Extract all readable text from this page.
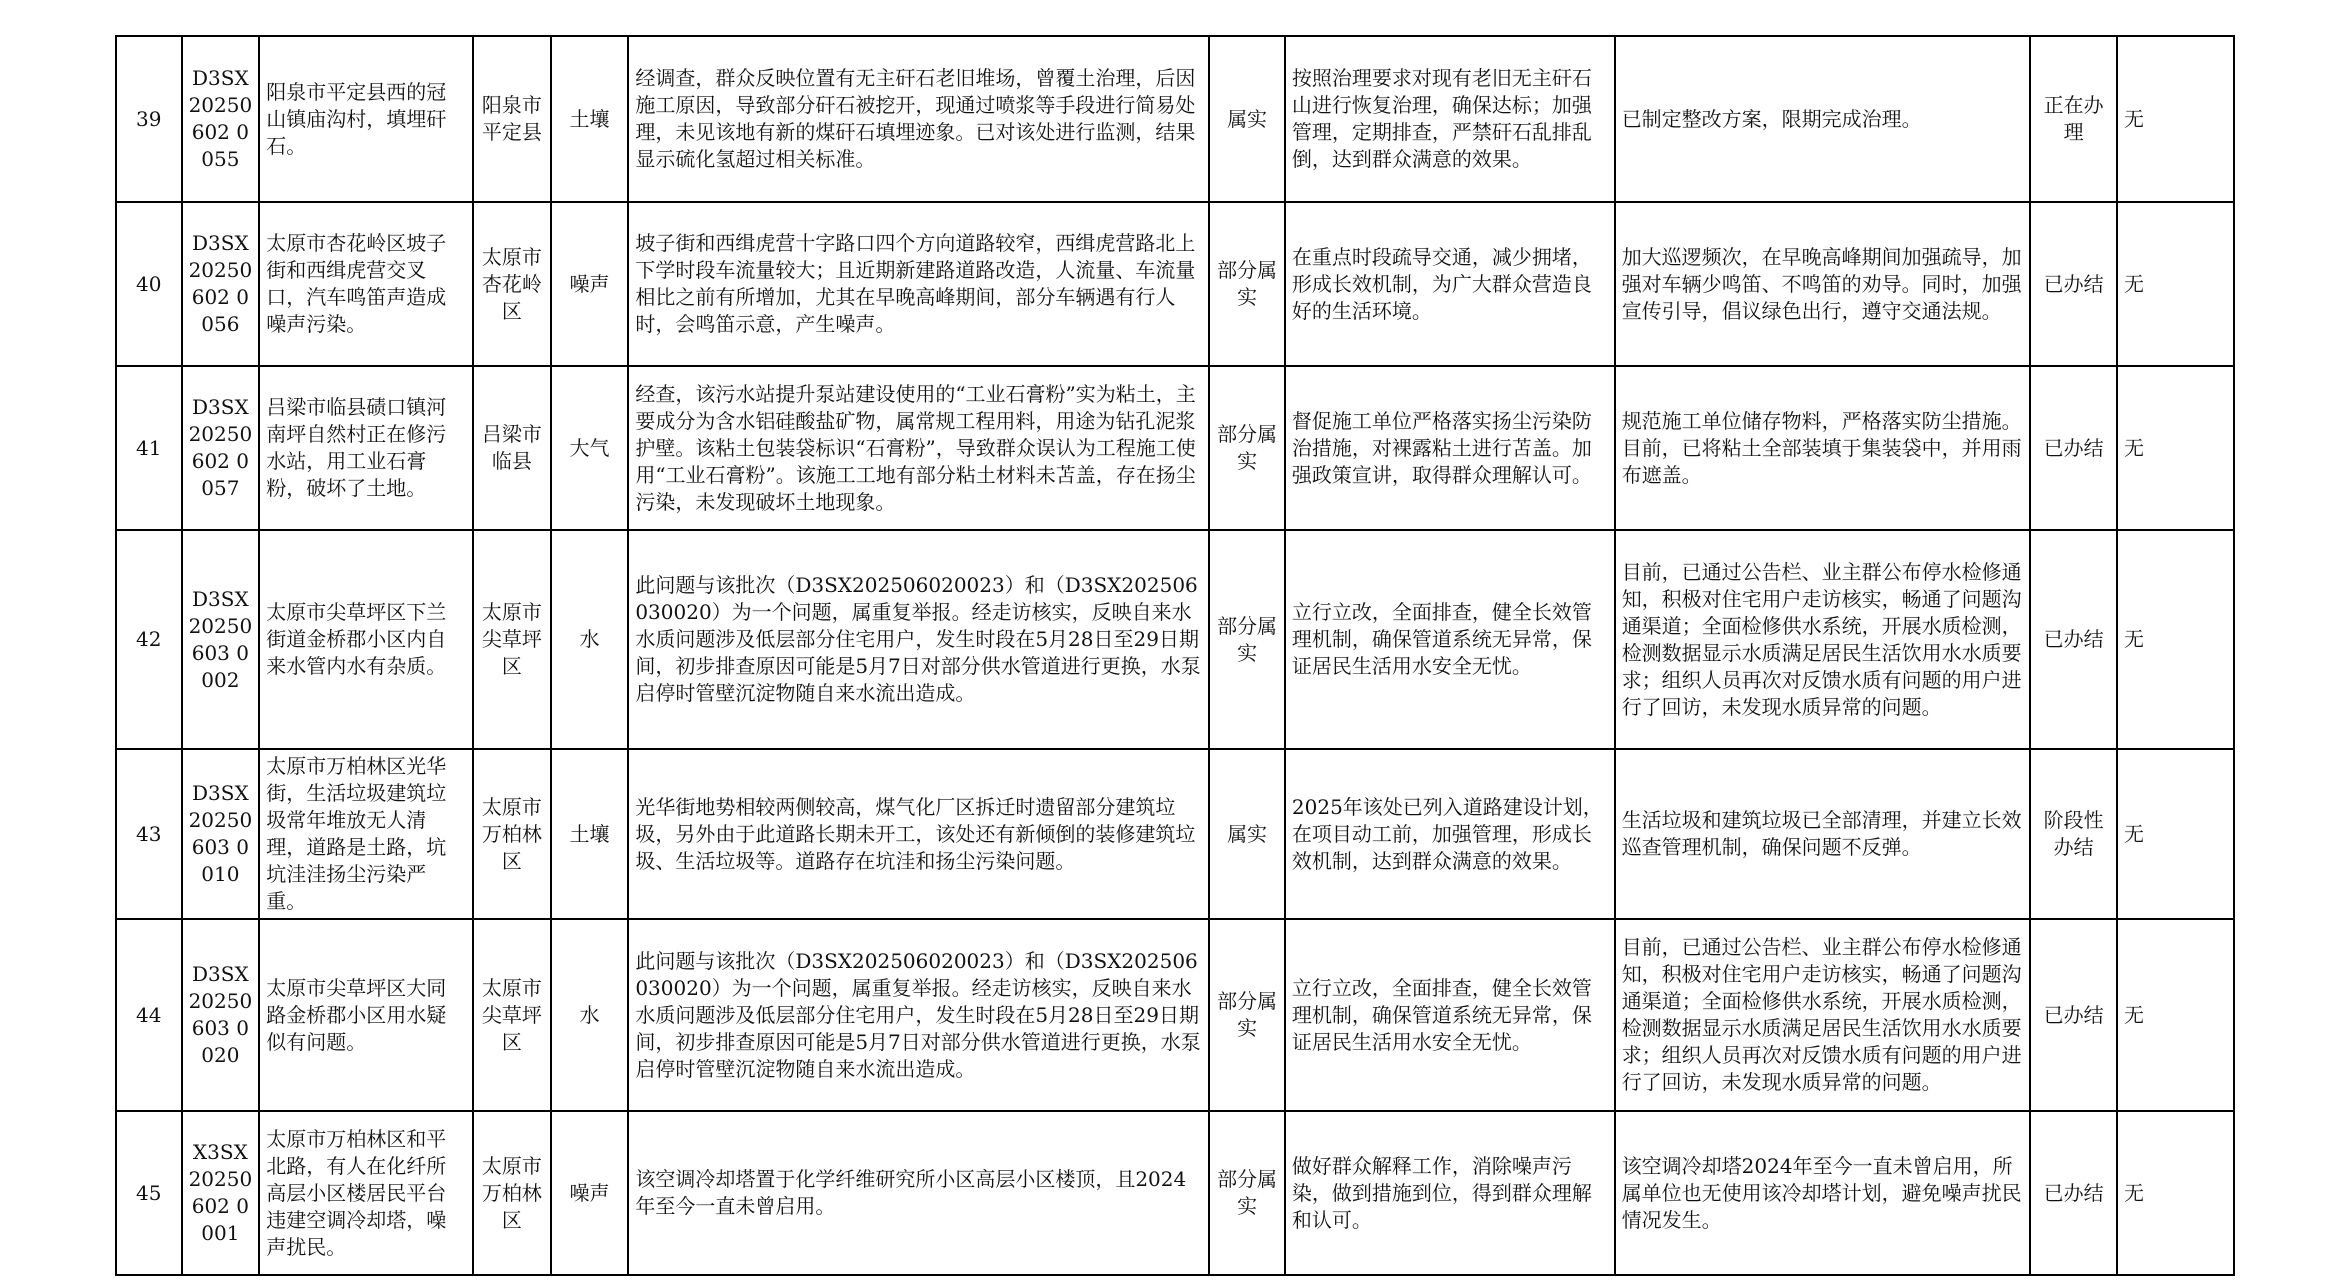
39	D3SX20250602 0055	阳泉市平定县西的冠山镇庙沟村，填埋矸石。	阳泉市平定县	土壤	经调查，群众反映位置有无主矸石老旧堆场，曾覆土治理，后因施工原因，导致部分矸石被挖开，现通过喷浆等手段进行简易处理，未见该地有新的煤矸石填埋迹象。已对该处进行监测，结果显示硫化氢超过相关标准。	属实	按照治理要求对现有老旧无主矸石山进行恢复治理，确保达标；加强管理，定期排查，严禁矸石乱排乱倒，达到群众满意的效果。	已制定整改方案，限期完成治理。	正在办理	无
40	D3SX20250602 0056	太原市杏花岭区坡子街和西缉虎营交叉口，汽车鸣笛声造成噪声污染。	太原市杏花岭区	噪声	坡子街和西缉虎营十字路口四个方向道路较窄，西缉虎营路北上下学时段车流量较大；且近期新建路道路改造，人流量、车流量相比之前有所增加，尤其在早晚高峰期间，部分车辆遇有行人时，会鸣笛示意，产生噪声。	部分属实	在重点时段疏导交通，减少拥堵，形成长效机制，为广大群众营造良好的生活环境。	加大巡逻频次，在早晚高峰期间加强疏导，加强对车辆少鸣笛、不鸣笛的劝导。同时，加强宣传引导，倡议绿色出行，遵守交通法规。	已办结	无
41	D3SX20250602 0057	吕梁市临县碛口镇河南坪自然村正在修污水站，用工业石膏粉，破坏了土地。	吕梁市临县	大气	经查，该污水站提升泵站建设使用的“工业石膏粉”实为粘土，主要成分为含水铝硅酸盐矿物，属常规工程用料，用途为钻孔泥浆护壁。该粘土包装袋标识“石膏粉”，导致群众误认为工程施工使用“工业石膏粉”。该施工工地有部分粘土材料未苫盖，存在扬尘污染，未发现破坏土地现象。	部分属实	督促施工单位严格落实扬尘污染防治措施，对裸露粘土进行苫盖。加强政策宣讲，取得群众理解认可。	规范施工单位储存物料，严格落实防尘措施。目前，已将粘土全部装填于集装袋中，并用雨布遮盖。	已办结	无
42	D3SX20250603 0002	太原市尖草坪区下兰街道金桥郡小区内自来水管内水有杂质。	太原市尖草坪区	水	此问题与该批次（D3SX202506020023）和（D3SX202506030020）为一个问题，属重复举报。经走访核实，反映自来水水质问题涉及低层部分住宅用户，发生时段在5月28日至29日期间，初步排查原因可能是5月7日对部分供水管道进行更换，水泵启停时管壁沉淀物随自来水流出造成。	部分属实	立行立改，全面排查，健全长效管理机制，确保管道系统无异常，保证居民生活用水安全无忧。	目前，已通过公告栏、业主群公布停水检修通知，积极对住宅用户走访核实，畅通了问题沟通渠道；全面检修供水系统，开展水质检测，检测数据显示水质满足居民生活饮用水水质要求；组织人员再次对反馈水质有问题的用户进行了回访，未发现水质异常的问题。	已办结	无
43	D3SX20250603 0010	太原市万柏林区光华街，生活垃圾建筑垃圾常年堆放无人清理，道路是土路，坑坑洼洼扬尘污染严重。	太原市万柏林区	土壤	光华街地势相较两侧较高，煤气化厂区拆迁时遗留部分建筑垃圾，另外由于此道路长期未开工，该处还有新倾倒的装修建筑垃圾、生活垃圾等。道路存在坑洼和扬尘污染问题。	属实	2025年该处已列入道路建设计划，在项目动工前，加强管理，形成长效机制，达到群众满意的效果。	生活垃圾和建筑垃圾已全部清理，并建立长效巡查管理机制，确保问题不反弹。	阶段性办结	无
44	D3SX20250603 0020	太原市尖草坪区大同路金桥郡小区用水疑似有问题。	太原市尖草坪区	水	此问题与该批次（D3SX202506020023）和（D3SX202506030020）为一个问题，属重复举报。经走访核实，反映自来水水质问题涉及低层部分住宅用户，发生时段在5月28日至29日期间，初步排查原因可能是5月7日对部分供水管道进行更换，水泵启停时管壁沉淀物随自来水流出造成。	部分属实	立行立改，全面排查，健全长效管理机制，确保管道系统无异常，保证居民生活用水安全无忧。	目前，已通过公告栏、业主群公布停水检修通知，积极对住宅用户走访核实，畅通了问题沟通渠道；全面检修供水系统，开展水质检测，检测数据显示水质满足居民生活饮用水水质要求；组织人员再次对反馈水质有问题的用户进行了回访，未发现水质异常的问题。	已办结	无
45	X3SX20250602 0001	太原市万柏林区和平北路，有人在化纤所高层小区楼居民平台违建空调冷却塔，噪声扰民。	太原市万柏林区	噪声	该空调冷却塔置于化学纤维研究所小区高层小区楼顶，且2024年至今一直未曾启用。	部分属实	做好群众解释工作，消除噪声污染，做到措施到位，得到群众理解和认可。	该空调冷却塔2024年至今一直未曾启用，所属单位也无使用该冷却塔计划，避免噪声扰民情况发生。	已办结	无
